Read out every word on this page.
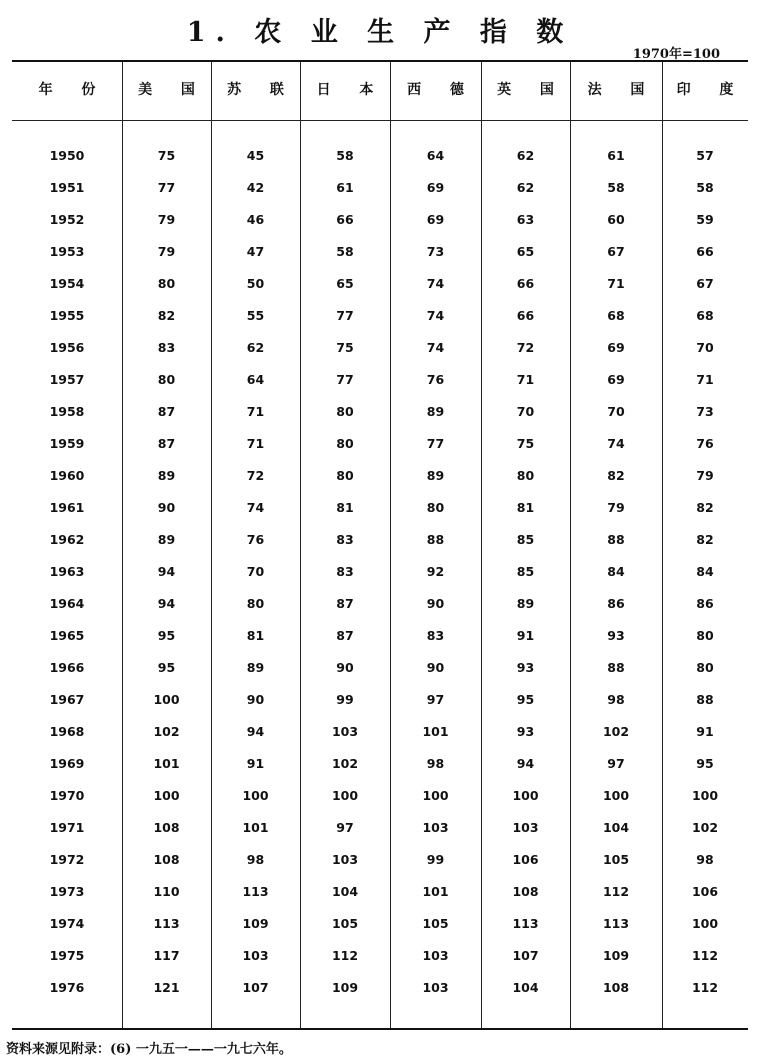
1. 农 业 生 产 指 数
1970年=100
年 份	美 国	苏 联	日 本	西 德	英 国	法 国	印 度
1950	75	45	58	64	62	61	57
1951	77	42	61	69	62	58	58
1952	79	46	66	69	63	60	59
1953	79	47	58	73	65	67	66
1954	80	50	65	74	66	71	67
1955	82	55	77	74	66	68	68
1956	83	62	75	74	72	69	70
1957	80	64	77	76	71	69	71
1958	87	71	80	89	70	70	73
1959	87	71	80	77	75	74	76
1960	89	72	80	89	80	82	79
1961	90	74	81	80	81	79	82
1962	89	76	83	88	85	88	82
1963	94	70	83	92	85	84	84
1964	94	80	87	90	89	86	86
1965	95	81	87	83	91	93	80
1966	95	89	90	90	93	88	80
1967	100	90	99	97	95	98	88
1968	102	94	103	101	93	102	91
1969	101	91	102	98	94	97	95
1970	100	100	100	100	100	100	100
1971	108	101	97	103	103	104	102
1972	108	98	103	99	106	105	98
1973	110	113	104	101	108	112	106
1974	113	109	105	105	113	113	100
1975	117	103	112	103	107	109	112
1976	121	107	109	103	104	108	112
资料来源见附录：(6) 一九五一——一九七六年。
